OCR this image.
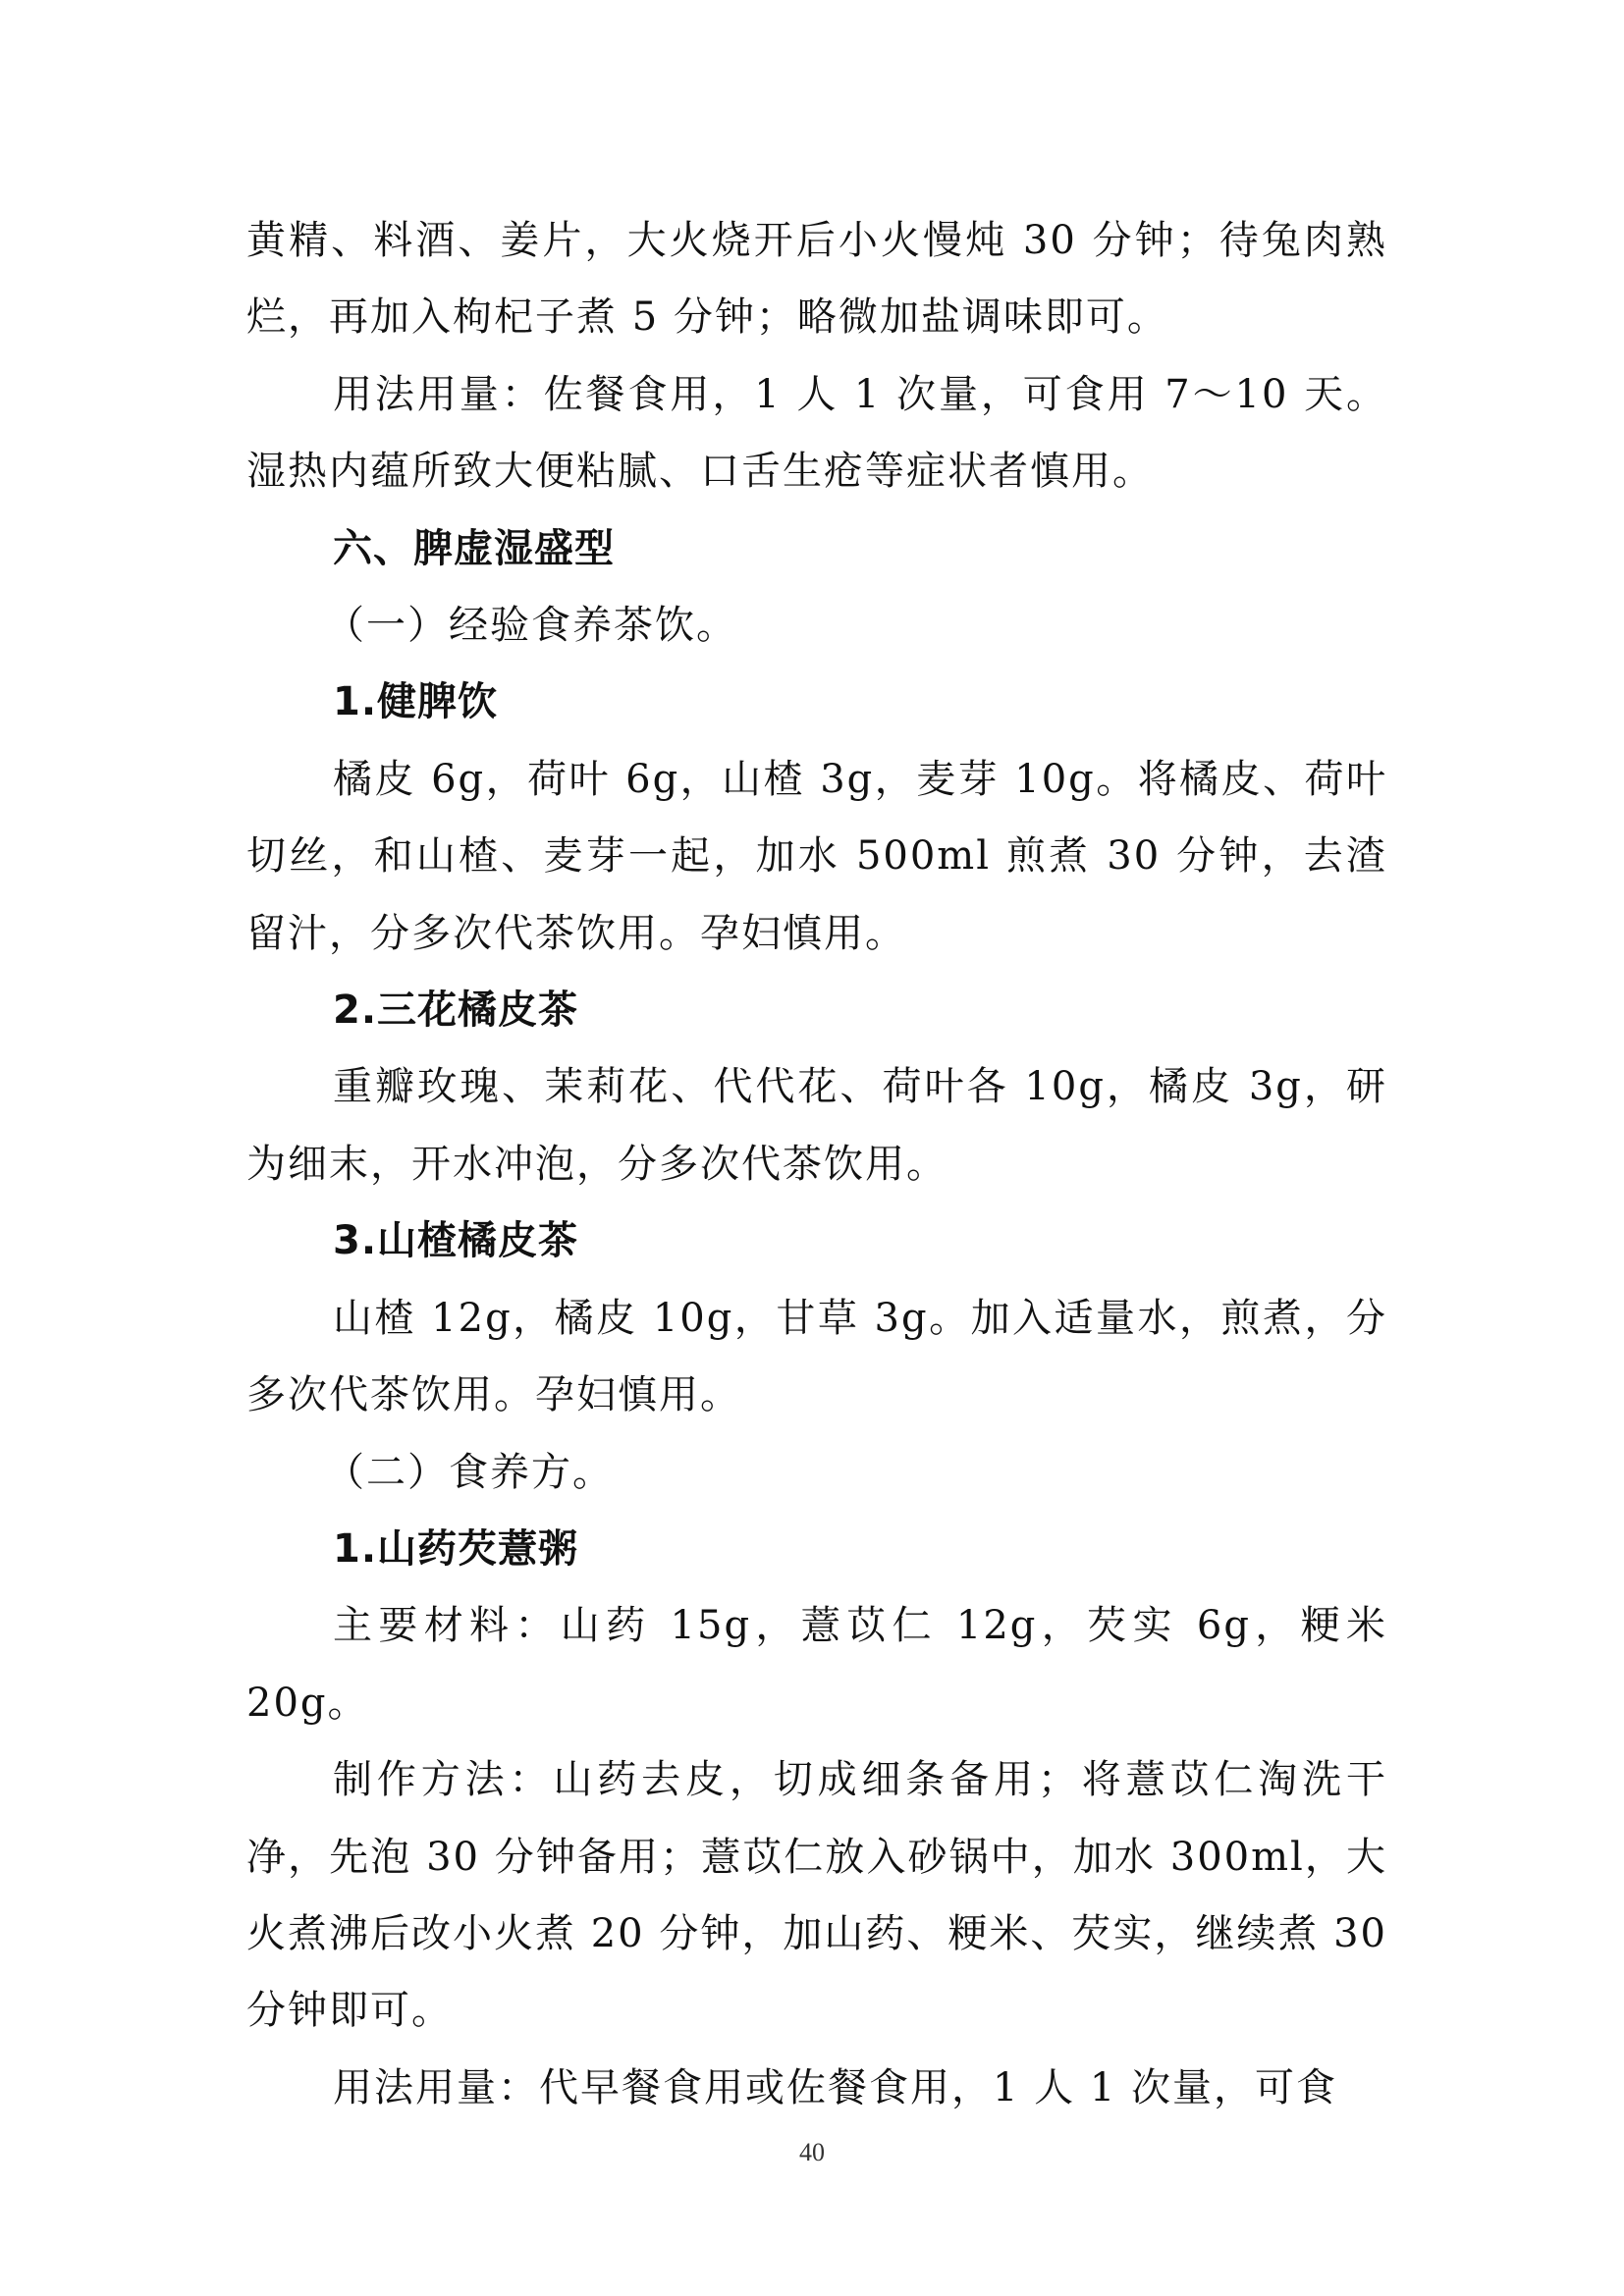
黄精、料酒、姜片，大火烧开后小火慢炖 30 分钟；待兔肉熟烂，再加入枸杞子煮 5 分钟；略微加盐调味即可。

用法用量：佐餐食用，1 人 1 次量，可食用 7～10 天。湿热内蕴所致大便粘腻、口舌生疮等症状者慎用。

六、脾虚湿盛型

（一）经验食养茶饮。

1.健脾饮

橘皮 6g，荷叶 6g，山楂 3g，麦芽 10g。将橘皮、荷叶切丝，和山楂、麦芽一起，加水 500ml 煎煮 30 分钟，去渣留汁，分多次代茶饮用。孕妇慎用。

2.三花橘皮茶

重瓣玫瑰、茉莉花、代代花、荷叶各 10g，橘皮 3g，研为细末，开水冲泡，分多次代茶饮用。

3.山楂橘皮茶

山楂 12g，橘皮 10g，甘草 3g。加入适量水，煎煮，分多次代茶饮用。孕妇慎用。

（二）食养方。

1.山药芡薏粥

主要材料：山药 15g，薏苡仁 12g，芡实 6g，粳米 20g。

制作方法：山药去皮，切成细条备用；将薏苡仁淘洗干净，先泡 30 分钟备用；薏苡仁放入砂锅中，加水 300ml，大火煮沸后改小火煮 20 分钟，加山药、粳米、芡实，继续煮 30 分钟即可。

用法用量：代早餐食用或佐餐食用，1 人 1 次量，可食

40
